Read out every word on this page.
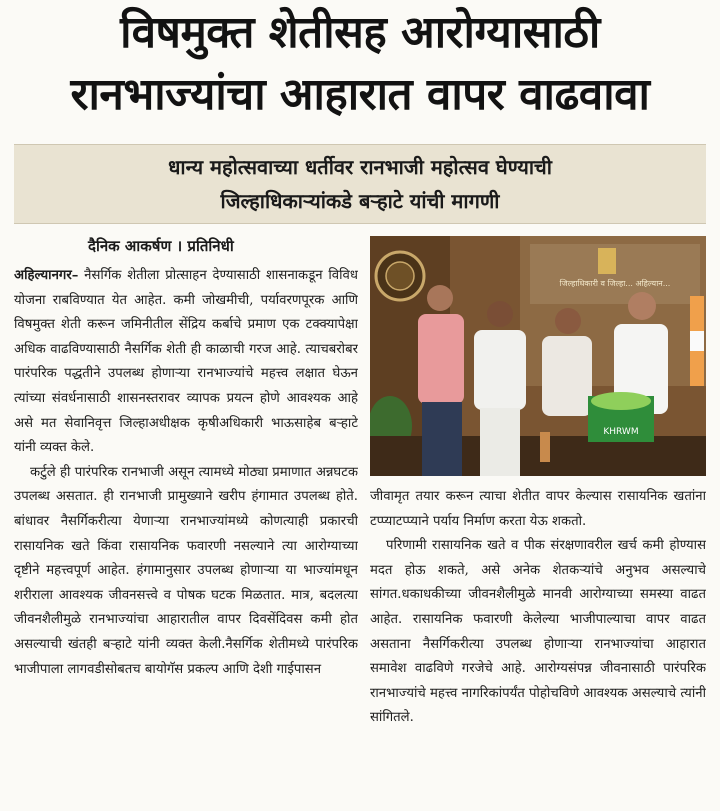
विषमुक्त शेतीसह आरोग्यासाठी
रानभाज्यांचा आहारात वापर वाढवावा
धान्य महोत्सवाच्या धर्तीवर रानभाजी महोत्सव घेण्याची
जिल्हाधिकाऱ्यांकडे बऱ्हाटे यांची मागणी
दैनिक आकर्षण । प्रतिनिधी

अहिल्यानगर– नैसर्गिक शेतीला प्रोत्साहन देण्यासाठी शासनाकडून विविध योजना राबविण्यात येत आहेत. कमी जोखमीची, पर्यावरणपूरक आणि विषमुक्त शेती करून जमिनीतील सेंद्रिय कर्बाचे प्रमाण एक टक्क्यापेक्षा अधिक वाढविण्यासाठी नैसर्गिक शेती ही काळाची गरज आहे. त्याचबरोबर पारंपरिक पद्धतीने उपलब्ध होणाऱ्या रानभाज्यांचे महत्त्व लक्षात घेऊन त्यांच्या संवर्धनासाठी शासनस्तरावर व्यापक प्रयत्न होणे आवश्यक आहे असे मत सेवानिवृत्त जिल्हाअधीक्षक कृषीअधिकारी भाऊसाहेब बऱ्हाटे यांनी व्यक्त केले.

कर्टुले ही पारंपरिक रानभाजी असून त्यामध्ये मोठ्या प्रमाणात अन्नघटक उपलब्ध असतात. ही रानभाजी प्रामुख्याने खरीप हंगामात उपलब्ध होते. बांधावर नैसर्गिकरीत्या येणाऱ्या रानभाज्यांमध्ये कोणत्याही प्रकारची रासायनिक खते किंवा रासायनिक फवारणी नसल्याने त्या आरोग्याच्या दृष्टीने महत्त्वपूर्ण आहेत. हंगामानुसार उपलब्ध होणाऱ्या या भाज्यांमधून शरीराला आवश्यक जीवनसत्त्वे व पोषक घटक मिळतात. मात्र, बदलत्या जीवनशैलीमुळे रानभाज्यांचा आहारातील वापर दिवसेंदिवस कमी होत असल्याची खंतही बऱ्हाटे यांनी व्यक्त केली.नैसर्गिक शेतीमध्ये पारंपरिक भाजीपाला लागवडीसोबतच बायोगॅस प्रकल्प आणि देशी गाईपासन

जिल्हाधिकारी व जिल्हा... अहिल्यान...
KHRWM

जीवामृत तयार करून त्याचा शेतीत वापर केल्यास रासायनिक खतांना टप्प्याटप्प्याने पर्याय निर्माण करता येऊ शकतो.

परिणामी रासायनिक खते व पीक संरक्षणावरील खर्च कमी होण्यास मदत होऊ शकते, असे अनेक शेतकऱ्यांचे अनुभव असल्याचे सांगत.धकाधकीच्या जीवनशैलीमुळे मानवी आरोग्याच्या समस्या वाढत आहेत. रासायनिक फवारणी केलेल्या भाजीपाल्याचा वापर वाढत असताना नैसर्गिकरीत्या उपलब्ध होणाऱ्या रानभाज्यांचा आहारात समावेश वाढविणे गरजेचे आहे. आरोग्यसंपन्न जीवनासाठी पारंपरिक रानभाज्यांचे महत्त्व नागरिकांपर्यंत पोहोचविणे आवश्यक असल्याचे त्यांनी सांगितले.
